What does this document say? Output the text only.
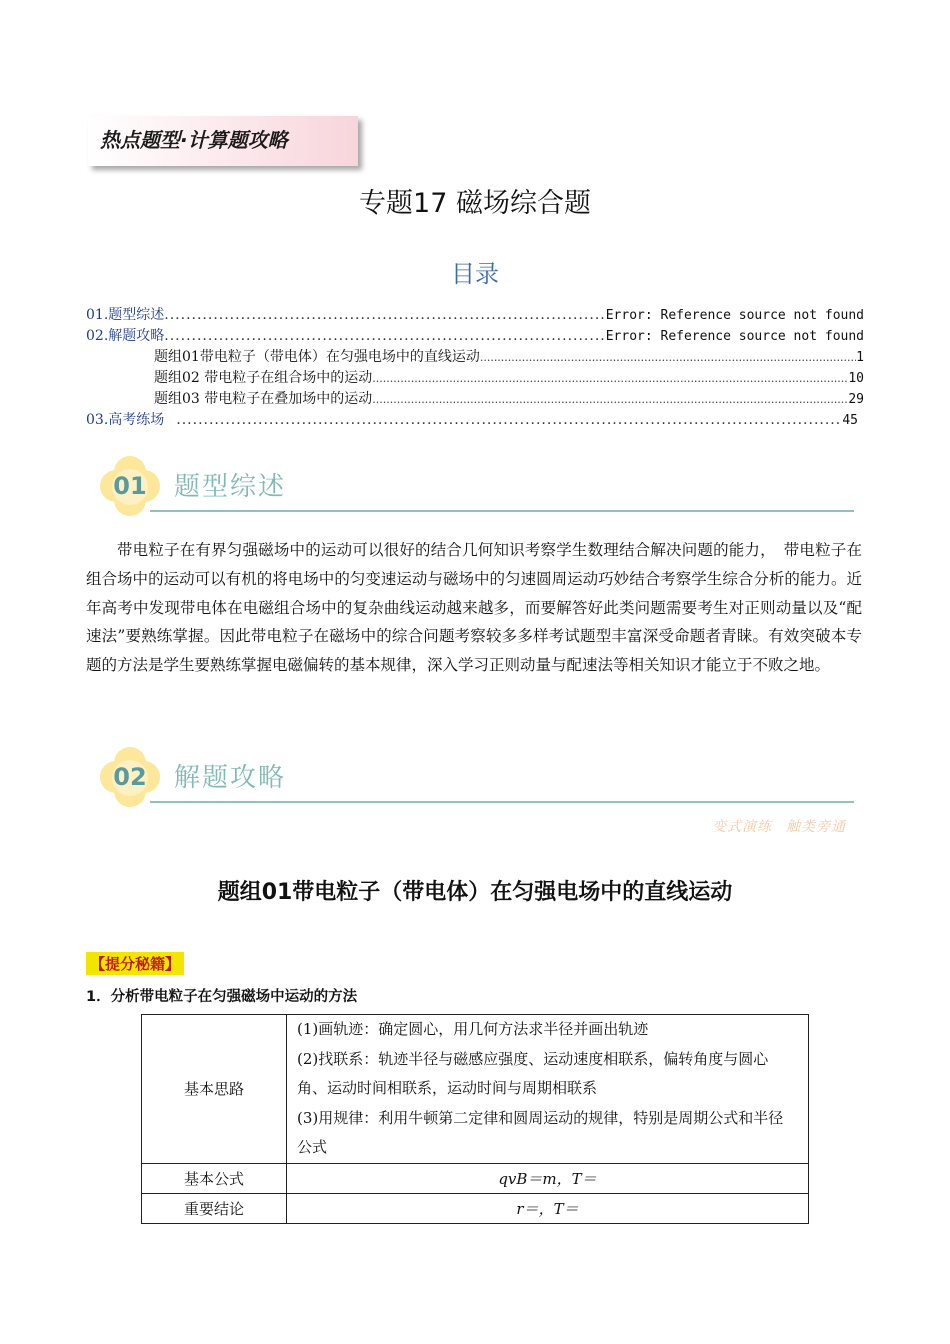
热点题型·计算题攻略
专题17 磁场综合题
目录
01.题型综述 .....	Error: Reference source not found
02.解题攻略 .....	Error: Reference source not found
题组01带电粒子（带电体）在匀强电场中的直线运动 .....	1
题组02 带电粒子在组合场中的运动 .....	10
题组03 带电粒子在叠加场中的运动 .....	29
03.高考练场 .....	45
01	题型综述
带电粒子在有界匀强磁场中的运动可以很好的结合几何知识考察学生数理结合解决问题的能力，　带电粒子在组合场中的运动可以有机的将电场中的匀变速运动与磁场中的匀速圆周运动巧妙结合考察学生综合分析的能力。近年高考中发现带电体在电磁组合场中的复杂曲线运动越来越多，而要解答好此类问题需要考生对正则动量以及“配速法”要熟练掌握。因此带电粒子在磁场中的综合问题考察较多多样考试题型丰富深受命题者青睐。有效突破本专题的方法是学生要熟练掌握电磁偏转的基本规律，深入学习正则动量与配速法等相关知识才能立于不败之地。
02	解题攻略
变式演练 触类旁通
题组01带电粒子（带电体）在匀强电场中的直线运动
【提分秘籍】
1．分析带电粒子在匀强磁场中运动的方法
基本思路	(1)画轨迹：确定圆心，用几何方法求半径并画出轨迹
(2)找联系：轨迹半径与磁感应强度、运动速度相联系，偏转角度与圆心角、运动时间相联系，运动时间与周期相联系
(3)用规律：利用牛顿第二定律和圆周运动的规律，特别是周期公式和半径公式

基本公式	qvB＝m，T＝
重要结论	r＝，T＝
